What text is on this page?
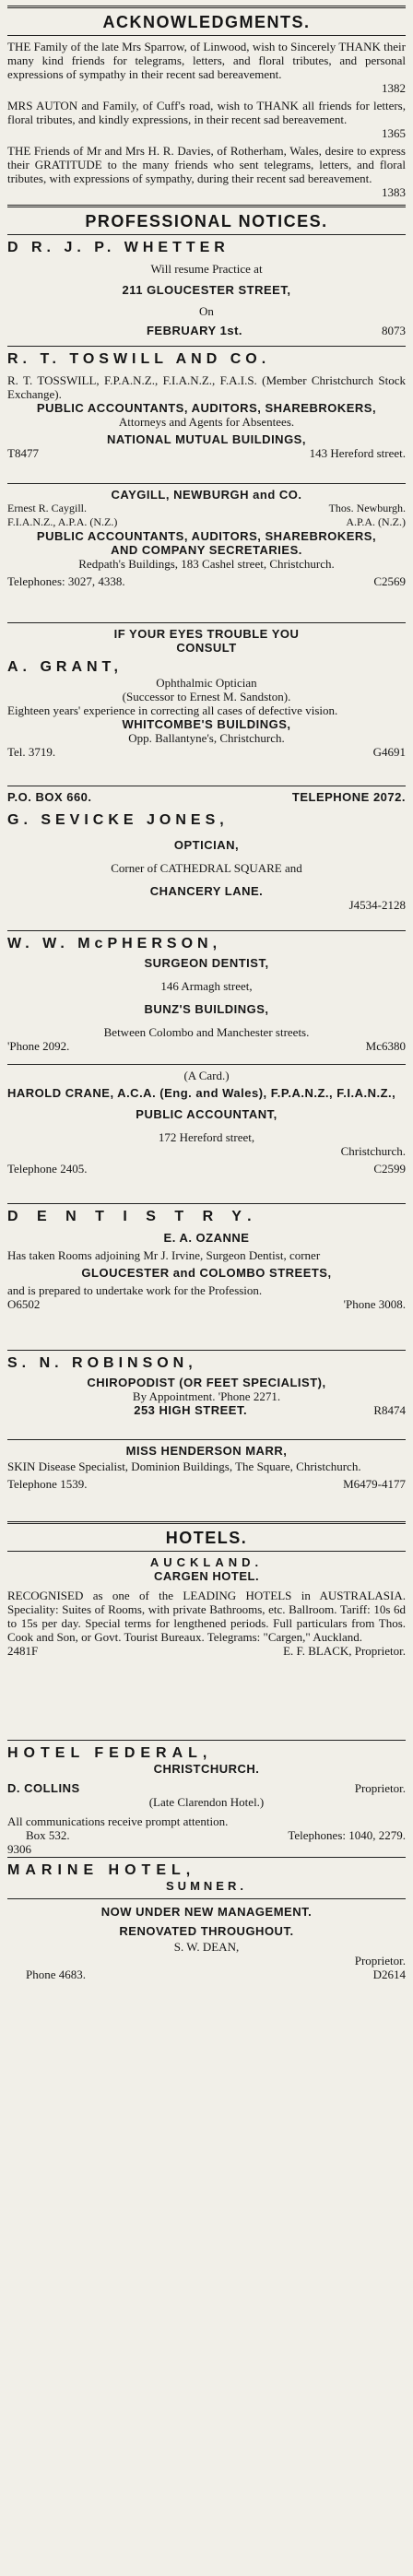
ACKNOWLEDGMENTS.
THE Family of the late Mrs Sparrow, of Linwood, wish to Sincerely THANK their many kind friends for telegrams, letters, and floral tributes, and personal expressions of sympathy in their recent sad bereavement.
1382
MRS AUTON and Family, of Cuff's road, wish to THANK all friends for letters, floral tributes, and kindly expressions, in their recent sad bereavement.
1365
THE Friends of Mr and Mrs H. R. Davies, of Rotherham, Wales, desire to express their GRATITUDE to the many friends who sent telegrams, letters, and floral tributes, with expressions of sympathy, during their recent sad bereavement.
1383
PROFESSIONAL NOTICES.
D R. J. P. WHETTER
Will resume Practice at
211 GLOUCESTER STREET,
On
FEBRUARY 1st.	8073
R. T. TOSWILL AND CO.
R. T. TOSSWILL, F.P.A.N.Z., F.I.A.N.Z., F.A.I.S. (Member Christchurch Stock Exchange).
PUBLIC ACCOUNTANTS, AUDITORS, SHAREBROKERS,
Attorneys and Agents for Absentees.
NATIONAL MUTUAL BUILDINGS,
T8477	143 Hereford street.
CAYGILL, NEWBURGH and CO.
Ernest R. Caygill.	Thos. Newburgh.
F.I.A.N.Z., A.P.A. (N.Z.)	A.P.A. (N.Z.)
PUBLIC ACCOUNTANTS, AUDITORS, SHAREBROKERS,
AND COMPANY SECRETARIES.
Redpath's Buildings, 183 Cashel street, Christchurch.
Telephones: 3027, 4338.	C2569
IF YOUR EYES TROUBLE YOU
CONSULT
A. GRANT,
Ophthalmic Optician
(Successor to Ernest M. Sandston).
Eighteen years' experience in correcting all cases of defective vision.
WHITCOMBE'S BUILDINGS,
Opp. Ballantyne's, Christchurch.
Tel. 3719.	G4691
P.O. BOX 660.	TELEPHONE 2072.
G. SEVICKE JONES,
OPTICIAN,
Corner of CATHEDRAL SQUARE and
CHANCERY LANE.
J4534-2128
W. W. McPHERSON,
SURGEON DENTIST,
146 Armagh street,
BUNZ'S BUILDINGS,
Between Colombo and Manchester streets.
'Phone 2092.	Mc6380
(A Card.)
HAROLD CRANE, A.C.A. (Eng. and Wales), F.P.A.N.Z., F.I.A.N.Z.,
PUBLIC ACCOUNTANT,
172 Hereford street,
Christchurch.
Telephone 2405.	C2599
D E N T I S T R Y.
E. A. OZANNE
Has taken Rooms adjoining Mr J. Irvine, Surgeon Dentist, corner
GLOUCESTER and COLOMBO STREETS,
and is prepared to undertake work for the Profession.
O6502	'Phone 3008.
S. N. ROBINSON,
CHIROPODIST (OR FEET SPECIALIST),
By Appointment. 'Phone 2271.
253 HIGH STREET.	R8474
MISS HENDERSON MARR,
SKIN Disease Specialist, Dominion Buildings, The Square, Christchurch.
Telephone 1539.	M6479-4177
HOTELS.
AUCKLAND.
CARGEN HOTEL.
RECOGNISED as one of the LEADING HOTELS in AUSTRALASIA. Speciality: Suites of Rooms, with private Bathrooms, etc. Ballroom. Tariff: 10s 6d to 15s per day. Special terms for lengthened periods. Full particulars from Thos. Cook and Son, or Govt. Tourist Bureaux. Telegrams: "Cargen," Auckland.
2481F	E. F. BLACK, Proprietor.
HOTEL FEDERAL,
CHRISTCHURCH.
D. COLLINS	Proprietor.
(Late Clarendon Hotel.)
All communications receive prompt attention.
Box 532.	Telephones: 1040, 2279.
9306
MARINE HOTEL,
SUMNER.
NOW UNDER NEW MANAGEMENT.
RENOVATED THROUGHOUT.
S. W. DEAN,
Proprietor.
Phone 4683.	D2614
